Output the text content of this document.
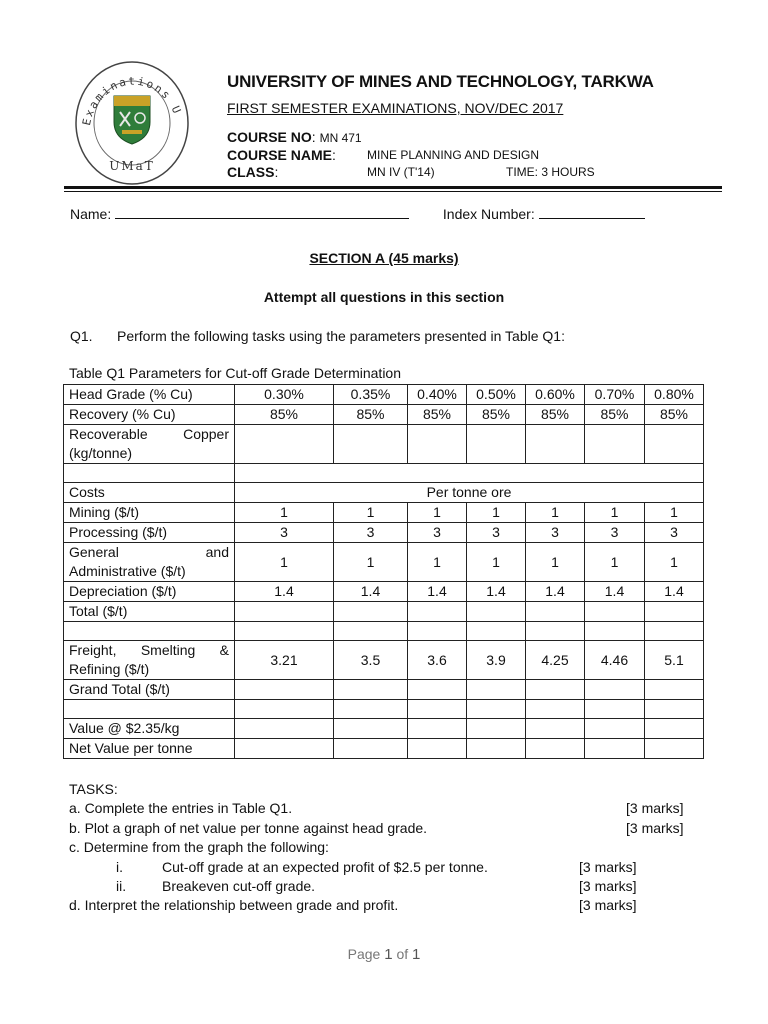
Examinations U
UMaT
UNIVERSITY OF MINES AND TECHNOLOGY, TARKWA
FIRST SEMESTER EXAMINATIONS, NOV/DEC 2017
COURSE NO: MN 471
COURSE NAME:	MINE PLANNING AND DESIGN
CLASS:	MN IV (T'14)	TIME: 3 HOURS
Name:	Index Number:
SECTION A (45 marks)
Attempt all questions in this section
Q1. Perform the following tasks using the parameters presented in Table Q1:
Table Q1 Parameters for Cut-off Grade Determination
Head Grade (% Cu)	0.30%	0.35%	0.40%	0.50%	0.60%	0.70%	0.80%
Recovery (% Cu)	85%	85%	85%	85%	85%	85%	85%
Recoverable Copper (kg/tonne)							

Costs	Per tonne ore						
Mining ($/t)	1	1	1	1	1	1	1
Processing ($/t)	3	3	3	3	3	3	3
General and Administrative ($/t)	1	1	1	1	1	1	1
Depreciation ($/t)	1.4	1.4	1.4	1.4	1.4	1.4	1.4
Total ($/t)							

Freight, Smelting & Refining ($/t)	3.21	3.5	3.6	3.9	4.25	4.46	5.1
Grand Total ($/t)							

Value @ $2.35/kg							
Net Value per tonne							
TASKS:
a. Complete the entries in Table Q1.	[3 marks]
b. Plot a graph of net value per tonne against head grade.	[3 marks]
c. Determine from the graph the following:
i.	Cut-off grade at an expected profit of $2.5 per tonne.	[3 marks]
ii.	Breakeven cut-off grade.	[3 marks]
d. Interpret the relationship between grade and profit.	[3 marks]
Page 1 of 1
